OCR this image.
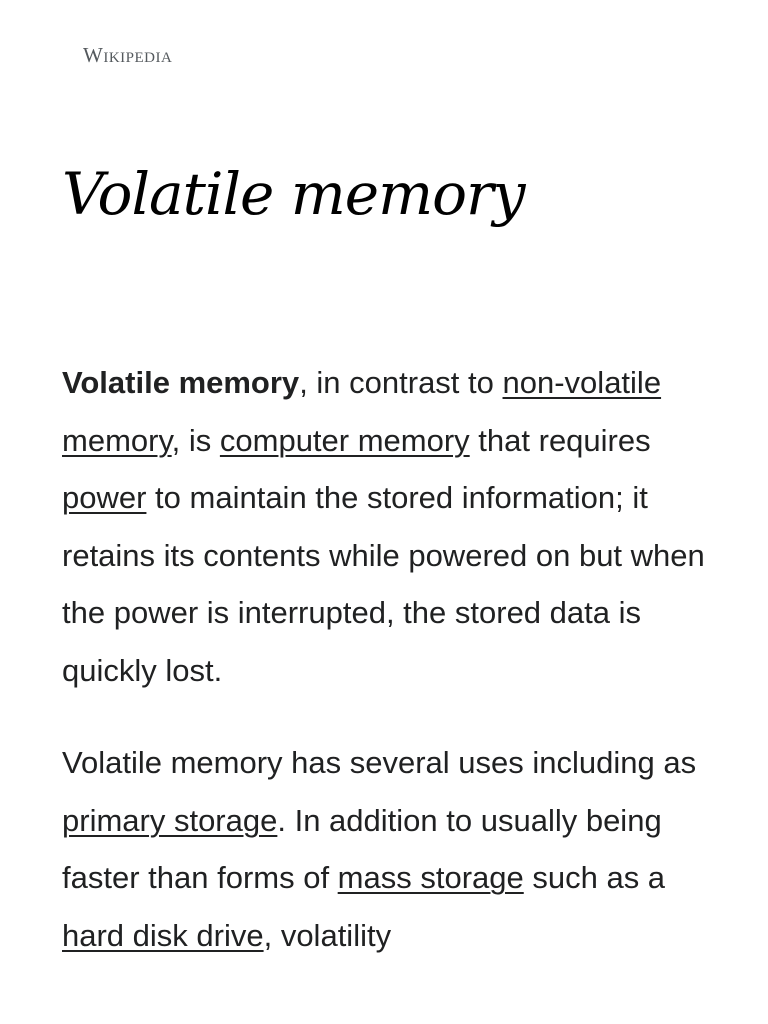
Wikipedia
Volatile memory

Volatile memory, in contrast to non-volatile memory, is computer memory that requires power to maintain the stored information; it retains its contents while powered on but when the power is interrupted, the stored data is quickly lost.

Volatile memory has several uses including as primary storage. In addition to usually being faster than forms of mass storage such as a hard disk drive, volatility
